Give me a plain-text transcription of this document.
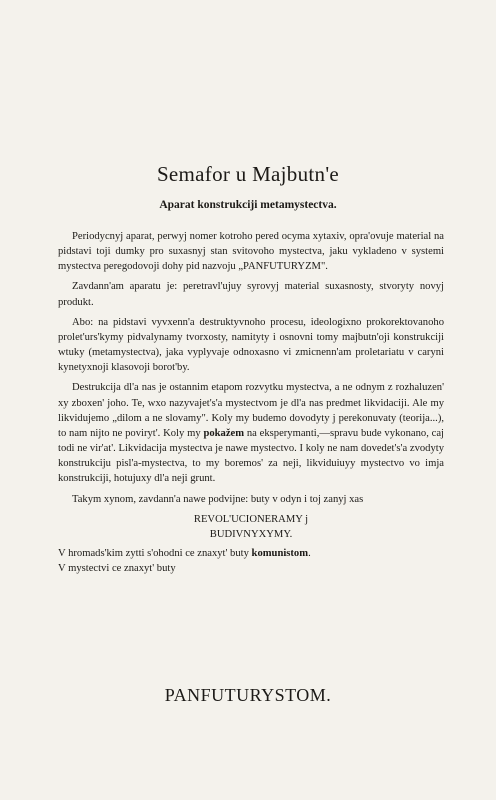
Semafor u Majbutn'e
Aparat konstrukciji metamystectva.

Periodycnyj aparat, perwyj nomer kotroho pered ocyma xytaxiv, opra'ovuje material na pidstavi toji dumky pro suxasnyj stan svitovoho mystectva, jaku vykladeno v systemi mystectva peregodovoji dohy pid nazvoju „PANFUTURYZM".

Zavdann'am aparatu je: peretravl'ujuy syrovyj material suxasnosty, stvoryty novyj produkt.

Abo: na pidstavi vyvxenn'a destruktyvnoho procesu, ideologixno prokorektovanoho prolet'urs'kymy pidvalynamy tvorxosty, namityty i osnovni tomy majbutn'oji konstrukciji wtuky (metamystectva), jaka vyplyvaje odnoxasno vi zmicnenn'am proletariatu v caryni kynetyxnoji klasovoji borot'by.

Destrukcija dl'a nas je ostannim etapom rozvytku mystectva, a ne odnym z rozhaluzen' xy zboxen' joho. Te, wxo nazyvajet's'a mystectvom je dl'a nas predmet likvidaciji. Ale my likvidujemo „dilom a ne slovamy". Koly my budemo dovodyty j perekonuvaty (teorija...), to nam nijto ne poviryt'. Koly my pokažem na eksperymanti,—spravu bude vykonano, caj todi ne vir'at'. Likvidacija mystectva je nawe mystectvo. I koly ne nam dovedet's'a zvodyty konstrukciju pisl'a-mystectva, to my boremos' za neji, likviduiuyy mystectvo vo imja konstrukciji, hotujuxy dl'a neji grunt.

Takym xynom, zavdann'a nawe podvijne: buty v odyn i toj zanyj xas

REVOL'UCIONERAMY j

BUDIVNYXYMY.

V hromads'kim zytti s'ohodni ce znaxyt' buty komunistom.

V mystectvi ce znaxyt' buty

PANFUTURYSTOM.
